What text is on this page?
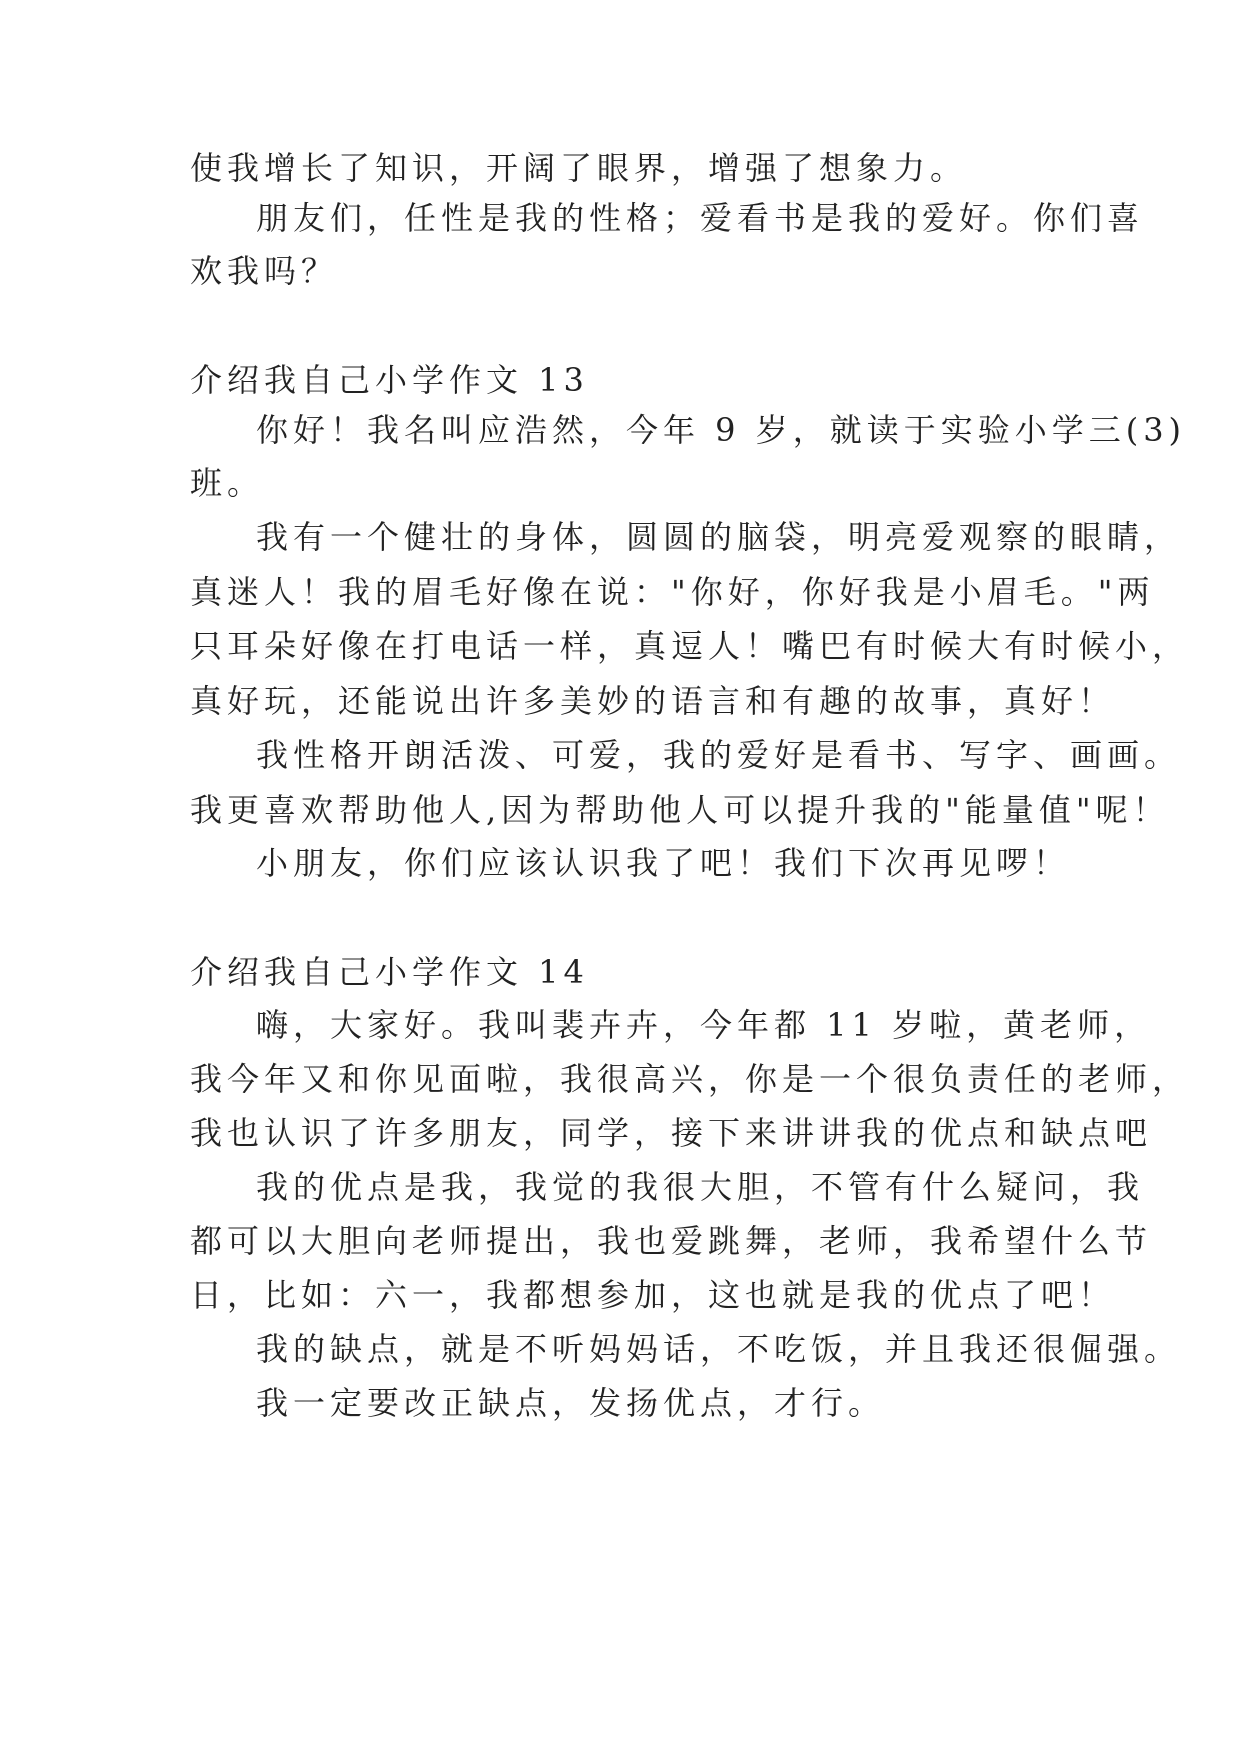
使我增长了知识，开阔了眼界，增强了想象力。
朋友们，任性是我的性格；爱看书是我的爱好。你们喜
欢我吗？
介绍我自己小学作文 13
你好！我名叫应浩然，今年 9 岁，就读于实验小学三(3)
班。
我有一个健壮的身体，圆圆的脑袋，明亮爱观察的眼睛，
真迷人！我的眉毛好像在说："你好，你好我是小眉毛。"两
只耳朵好像在打电话一样，真逗人！嘴巴有时候大有时候小，
真好玩，还能说出许多美妙的语言和有趣的故事，真好！
我性格开朗活泼、可爱，我的爱好是看书、写字、画画。
我更喜欢帮助他人,因为帮助他人可以提升我的"能量值"呢！
小朋友，你们应该认识我了吧！我们下次再见啰！
介绍我自己小学作文 14
嗨，大家好。我叫裴卉卉，今年都 11 岁啦，黄老师，
我今年又和你见面啦，我很高兴，你是一个很负责任的老师，
我也认识了许多朋友，同学，接下来讲讲我的优点和缺点吧
我的优点是我，我觉的我很大胆，不管有什么疑问，我
都可以大胆向老师提出，我也爱跳舞，老师，我希望什么节
日，比如：六一，我都想参加，这也就是我的优点了吧！
我的缺点，就是不听妈妈话，不吃饭，并且我还很倔强。
我一定要改正缺点，发扬优点，才行。
